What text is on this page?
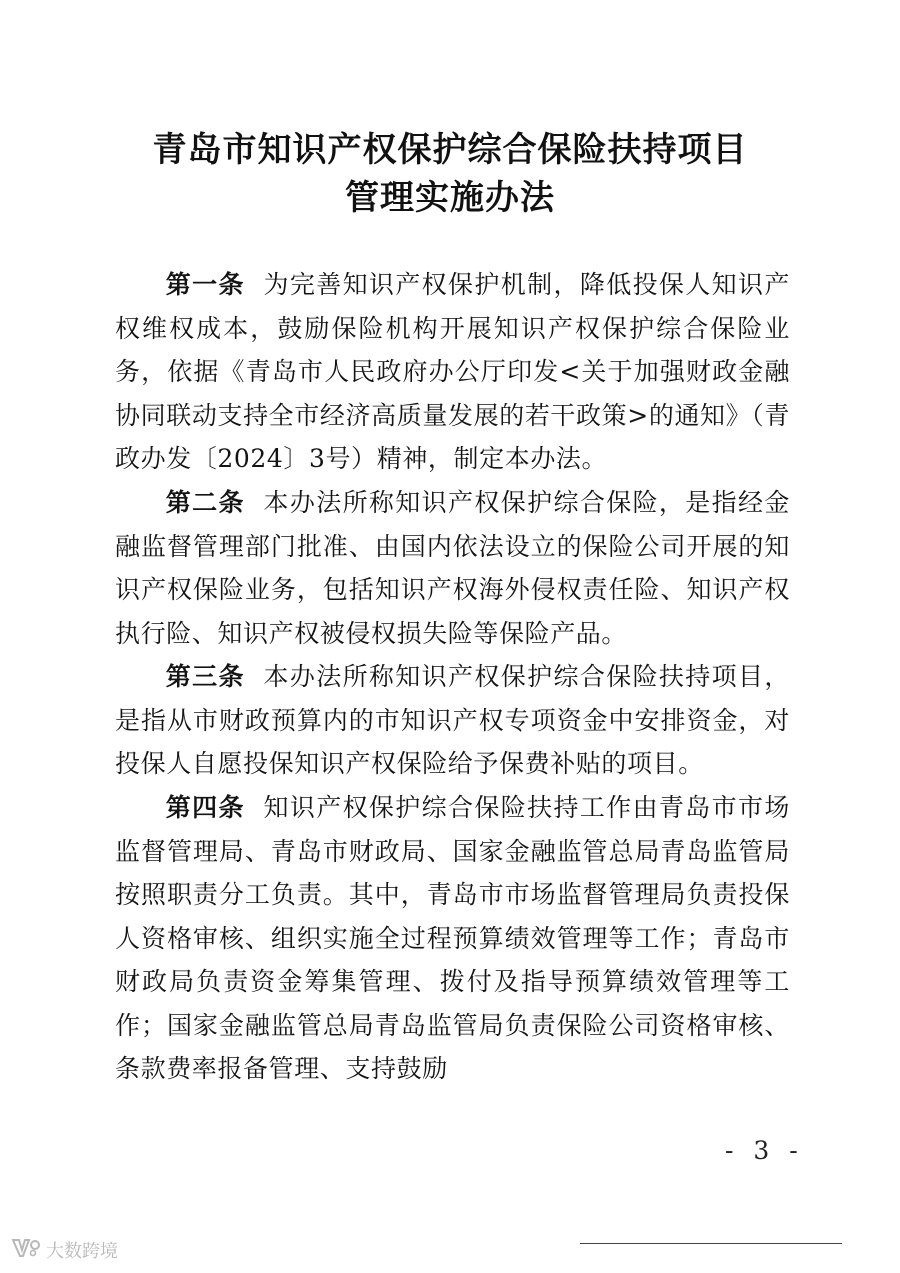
青岛市知识产权保护综合保险扶持项目
管理实施办法

第一条 为完善知识产权保护机制，降低投保人知识产权维权成本，鼓励保险机构开展知识产权保护综合保险业务，依据《青岛市人民政府办公厅印发<关于加强财政金融协同联动支持全市经济高质量发展的若干政策>的通知》（青政办发〔2024〕3号）精神，制定本办法。

第二条 本办法所称知识产权保护综合保险，是指经金融监督管理部门批准、由国内依法设立的保险公司开展的知识产权保险业务，包括知识产权海外侵权责任险、知识产权执行险、知识产权被侵权损失险等保险产品。

第三条 本办法所称知识产权保护综合保险扶持项目，是指从市财政预算内的市知识产权专项资金中安排资金，对投保人自愿投保知识产权保险给予保费补贴的项目。

第四条 知识产权保护综合保险扶持工作由青岛市市场监督管理局、青岛市财政局、国家金融监管总局青岛监管局按照职责分工负责。其中，青岛市市场监督管理局负责投保人资格审核、组织实施全过程预算绩效管理等工作；青岛市财政局负责资金筹集管理、拨付及指导预算绩效管理等工作；国家金融监管总局青岛监管局负责保险公司资格审核、条款费率报备管理、支持鼓励

- 3 -
大数跨境
